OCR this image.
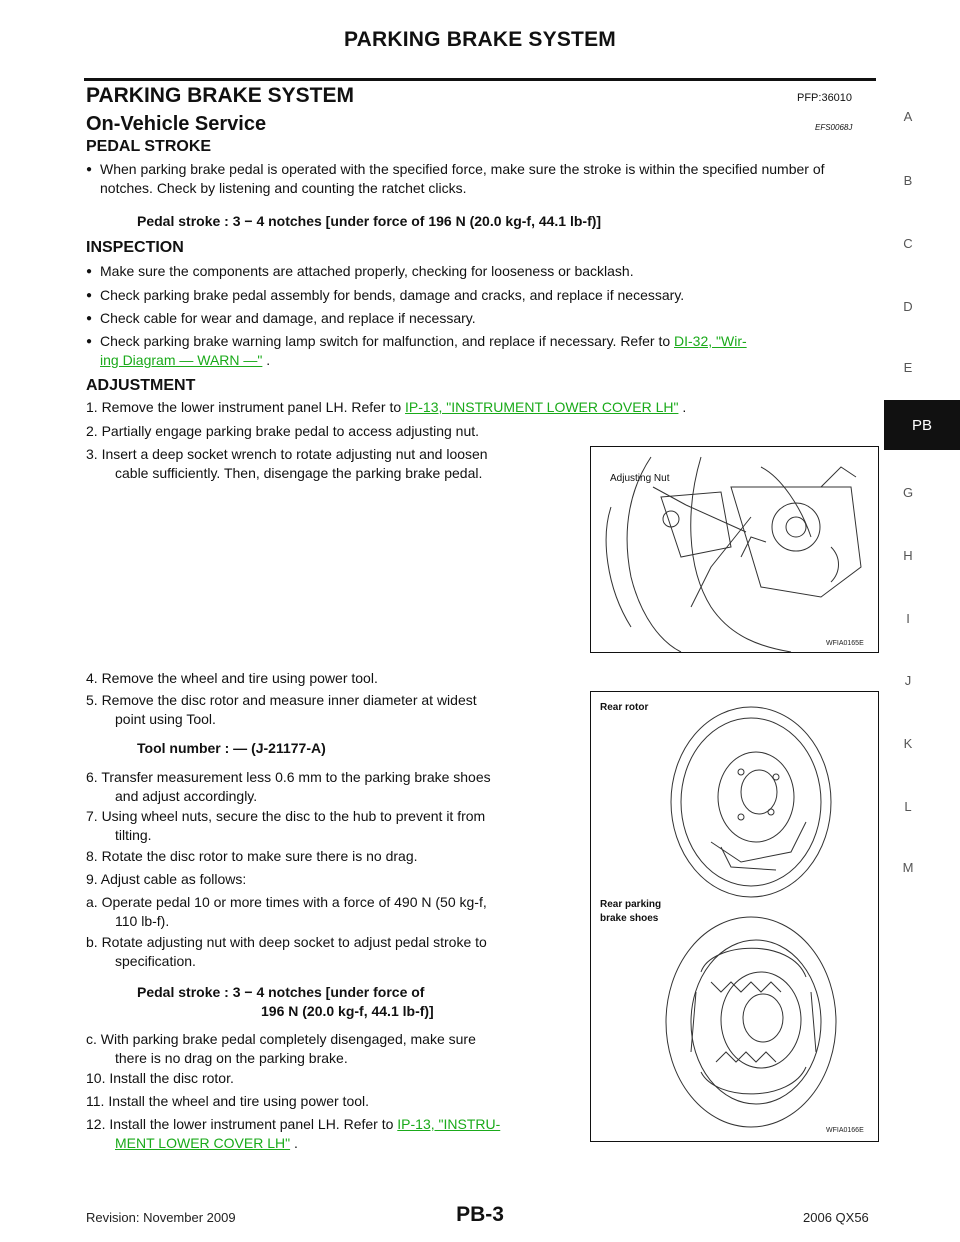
PARKING BRAKE SYSTEM
PARKING BRAKE SYSTEM	PFP:36010
On-Vehicle Service	EFS0068J
PEDAL STROKE
● When parking brake pedal is operated with the specified force, make sure the stroke is within the specified number of notches. Check by listening and counting the ratchet clicks.
Pedal stroke : 3 − 4 notches [under force of 196 N (20.0 kg-f, 44.1 lb-f)]
INSPECTION
● Make sure the components are attached properly, checking for looseness or backlash.
● Check parking brake pedal assembly for bends, damage and cracks, and replace if necessary.
● Check cable for wear and damage, and replace if necessary.
● Check parking brake warning lamp switch for malfunction, and replace if necessary. Refer to DI-32, "Wir-
ing Diagram — WARN —" .
ADJUSTMENT
1. Remove the lower instrument panel LH. Refer to IP-13, "INSTRUMENT LOWER COVER LH" .
2. Partially engage parking brake pedal to access adjusting nut.
3. Insert a deep socket wrench to rotate adjusting nut and loosen
cable sufficiently. Then, disengage the parking brake pedal.
4. Remove the wheel and tire using power tool.
5. Remove the disc rotor and measure inner diameter at widest
point using Tool.
Tool number : — (J-21177-A)
6. Transfer measurement less 0.6 mm to the parking brake shoes
and adjust accordingly.
7. Using wheel nuts, secure the disc to the hub to prevent it from
tilting.
8. Rotate the disc rotor to make sure there is no drag.
9. Adjust cable as follows:
a. Operate pedal 10 or more times with a force of 490 N (50 kg-f,
110 lb-f).
b. Rotate adjusting nut with deep socket to adjust pedal stroke to
specification.
Pedal stroke : 3 − 4 notches [under force of
196 N (20.0 kg-f, 44.1 lb-f)]
c. With parking brake pedal completely disengaged, make sure
there is no drag on the parking brake.
10. Install the disc rotor.
11. Install the wheel and tire using power tool.
12. Install the lower instrument panel LH. Refer to IP-13, "INSTRU-
MENT LOWER COVER LH" .
Adjusting Nut
WFIA0165E
Rear rotor
Rear parking
brake shoes
WFIA0166E
A
B
C
D
E
PB
G
H
I
J
K
L
M
Revision: November 2009	PB-3	2006 QX56
